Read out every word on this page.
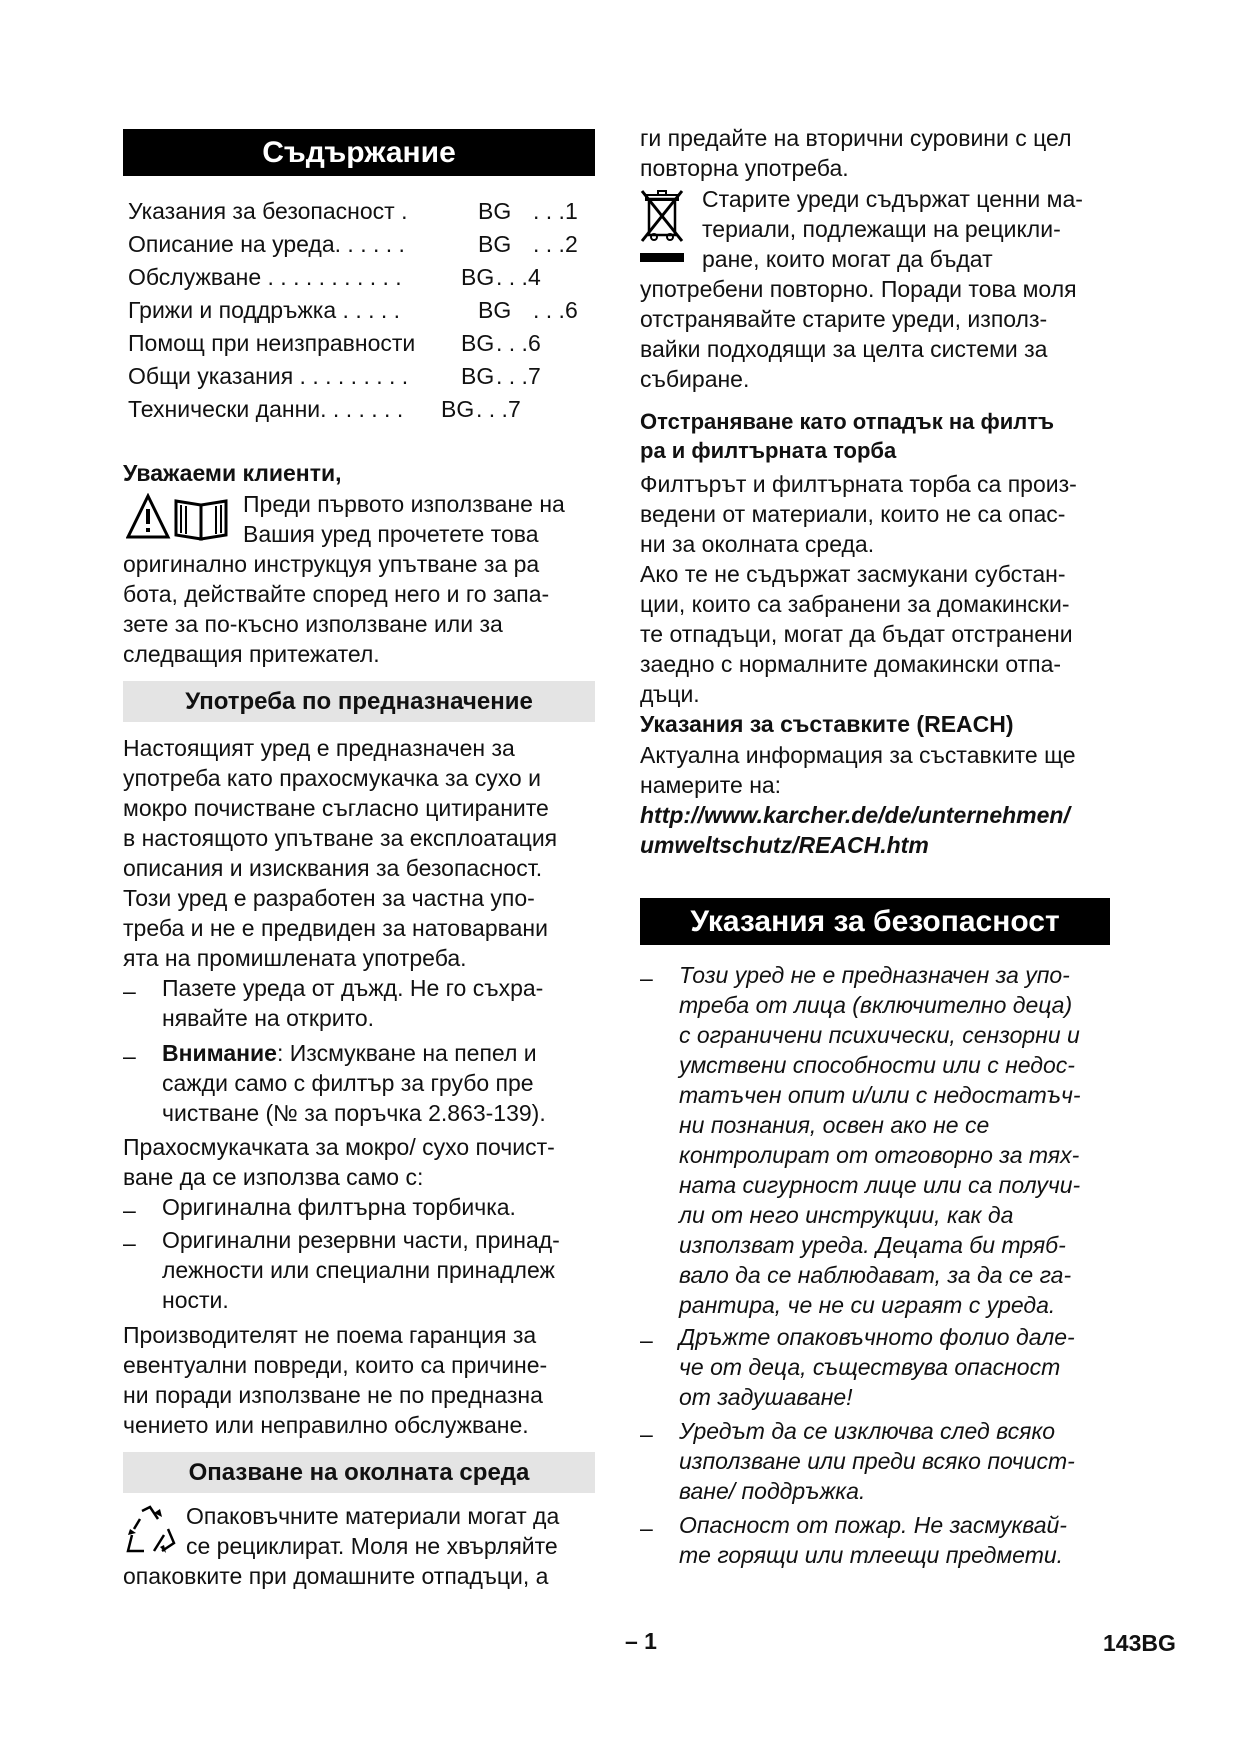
Съдържание
Указания за безопасност .	BG . . .1
Описание на уреда. . . . . .	BG . . .2
Обслужване . . . . . . . . . . .	BG . . .4
Грижи и поддръжка . . . . .	BG . . .6
Помощ при неизправности BG . . .6
Общи указания . . . . . . . . . BG . . .7
Технически данни. . . . . . . BG . . .7
Уважаеми клиенти,
Преди първото използване на
Вашия уред прочетете това
оригинално инструкцуя упътване за ра
бота, действайте според него и го запа-
зете за по-късно използване или за
следващия притежател.
Употреба по предназначение
Настоящият уред е предназначен за
употреба като прахосмукачка за сухо и
мокро почистване съгласно цитираните
в настоящото упътване за експлоатация
описания и изисквания за безопасност.
Този уред е разработен за частна упо-
треба и не е предвиден за натоварвани
ята на промишлената употреба.
– Пазете уреда от дъжд. Не го съхра-
нявайте на открито.
– Внимание: Изсмукване на пепел и
сажди само с филтър за грубо пре
чистване (№ за поръчка 2.863-139).
Прахосмукачката за мокро/ сухо почист-
ване да се използва само с:
– Оригинална филтърна торбичка.
– Оригинални резервни части, принад-
лежности или специални принадлеж
ности.
Производителят не поема гаранция за
евентуални повреди, които са причине-
ни поради използване не по предназна
чението или неправилно обслужване.
Опазване на околната среда
Опаковъчните материали могат да
се рециклират. Моля не хвърляйте
опаковките при домашните отпадъци, а
ги предайте на вторични суровини с цел
повторна употреба.
Старите уреди съдържат ценни ма-
териали, подлежащи на рецикли-
ране, които могат да бъдат
употребени повторно. Поради това моля
отстранявайте старите уреди, използ-
вайки подходящи за целта системи за
събиране.
Отстраняване като отпадък на филтъ
ра и филтърната торба
Филтърът и филтърната торба са произ-
ведени от материали, които не са опас-
ни за околната среда.
Ако те не съдържат засмукани субстан-
ции, които са забранени за домакински-
те отпадъци, могат да бъдат отстранени
заедно с нормалните домакински отпа-
дъци.
Указания за съставките (REACH)
Актуална информация за съставките ще
намерите на:
http://www.karcher.de/de/unternehmen/
umweltschutz/REACH.htm
Указания за безопасност
– Този уред не е предназначен за упо-
треба от лица (включително деца)
с ограничени психически, сензорни и
умствени способности или с недос-
татъчен опит и/или с недостатъч-
ни познания, освен ако не се
контролират от отговорно за тях-
ната сигурност лице или са получи-
ли от него инструкции, как да
използват уреда. Децата би тряб-
вало да се наблюдават, за да се га-
рантира, че не си играят с уреда.
– Дръжте опаковъчното фолио дале-
че от деца, съществува опасност
от задушаване!
– Уредът да се изключва след всяко
използване или преди всяко почист-
ване/ поддръжка.
– Опасност от пожар. Не засмуквай-
те горящи или тлеещи предмети.
– 1	143BG
